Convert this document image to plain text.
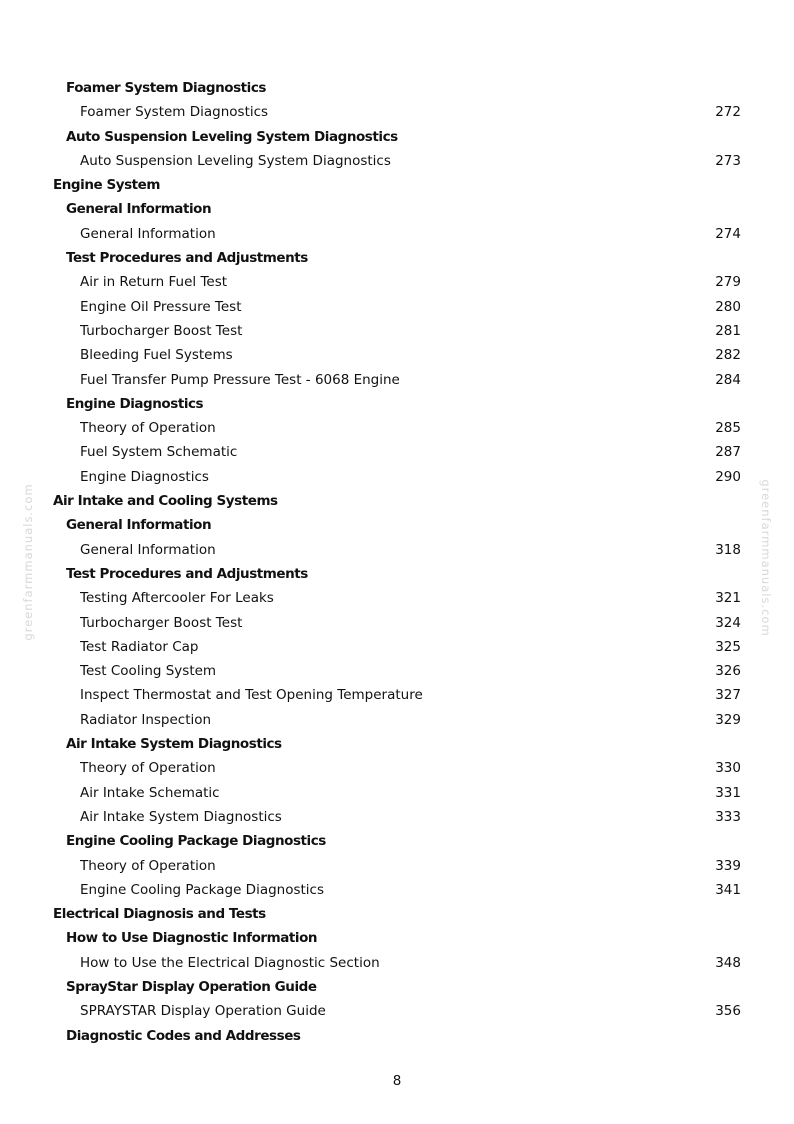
greenfarmmanuals.com	greenfarmmanuals.com
Foamer System Diagnostics
Foamer System Diagnostics	272
Auto Suspension Leveling System Diagnostics
Auto Suspension Leveling System Diagnostics	273
Engine System
General Information
General Information	274
Test Procedures and Adjustments
Air in Return Fuel Test	279
Engine Oil Pressure Test	280
Turbocharger Boost Test	281
Bleeding Fuel Systems	282
Fuel Transfer Pump Pressure Test - 6068 Engine	284
Engine Diagnostics
Theory of Operation	285
Fuel System Schematic	287
Engine Diagnostics	290
Air Intake and Cooling Systems
General Information
General Information	318
Test Procedures and Adjustments
Testing Aftercooler For Leaks	321
Turbocharger Boost Test	324
Test Radiator Cap	325
Test Cooling System	326
Inspect Thermostat and Test Opening Temperature	327
Radiator Inspection	329
Air Intake System Diagnostics
Theory of Operation	330
Air Intake Schematic	331
Air Intake System Diagnostics	333
Engine Cooling Package Diagnostics
Theory of Operation	339
Engine Cooling Package Diagnostics	341
Electrical Diagnosis and Tests
How to Use Diagnostic Information
How to Use the Electrical Diagnostic Section	348
SprayStar Display Operation Guide
SPRAYSTAR Display Operation Guide	356
Diagnostic Codes and Addresses
8
